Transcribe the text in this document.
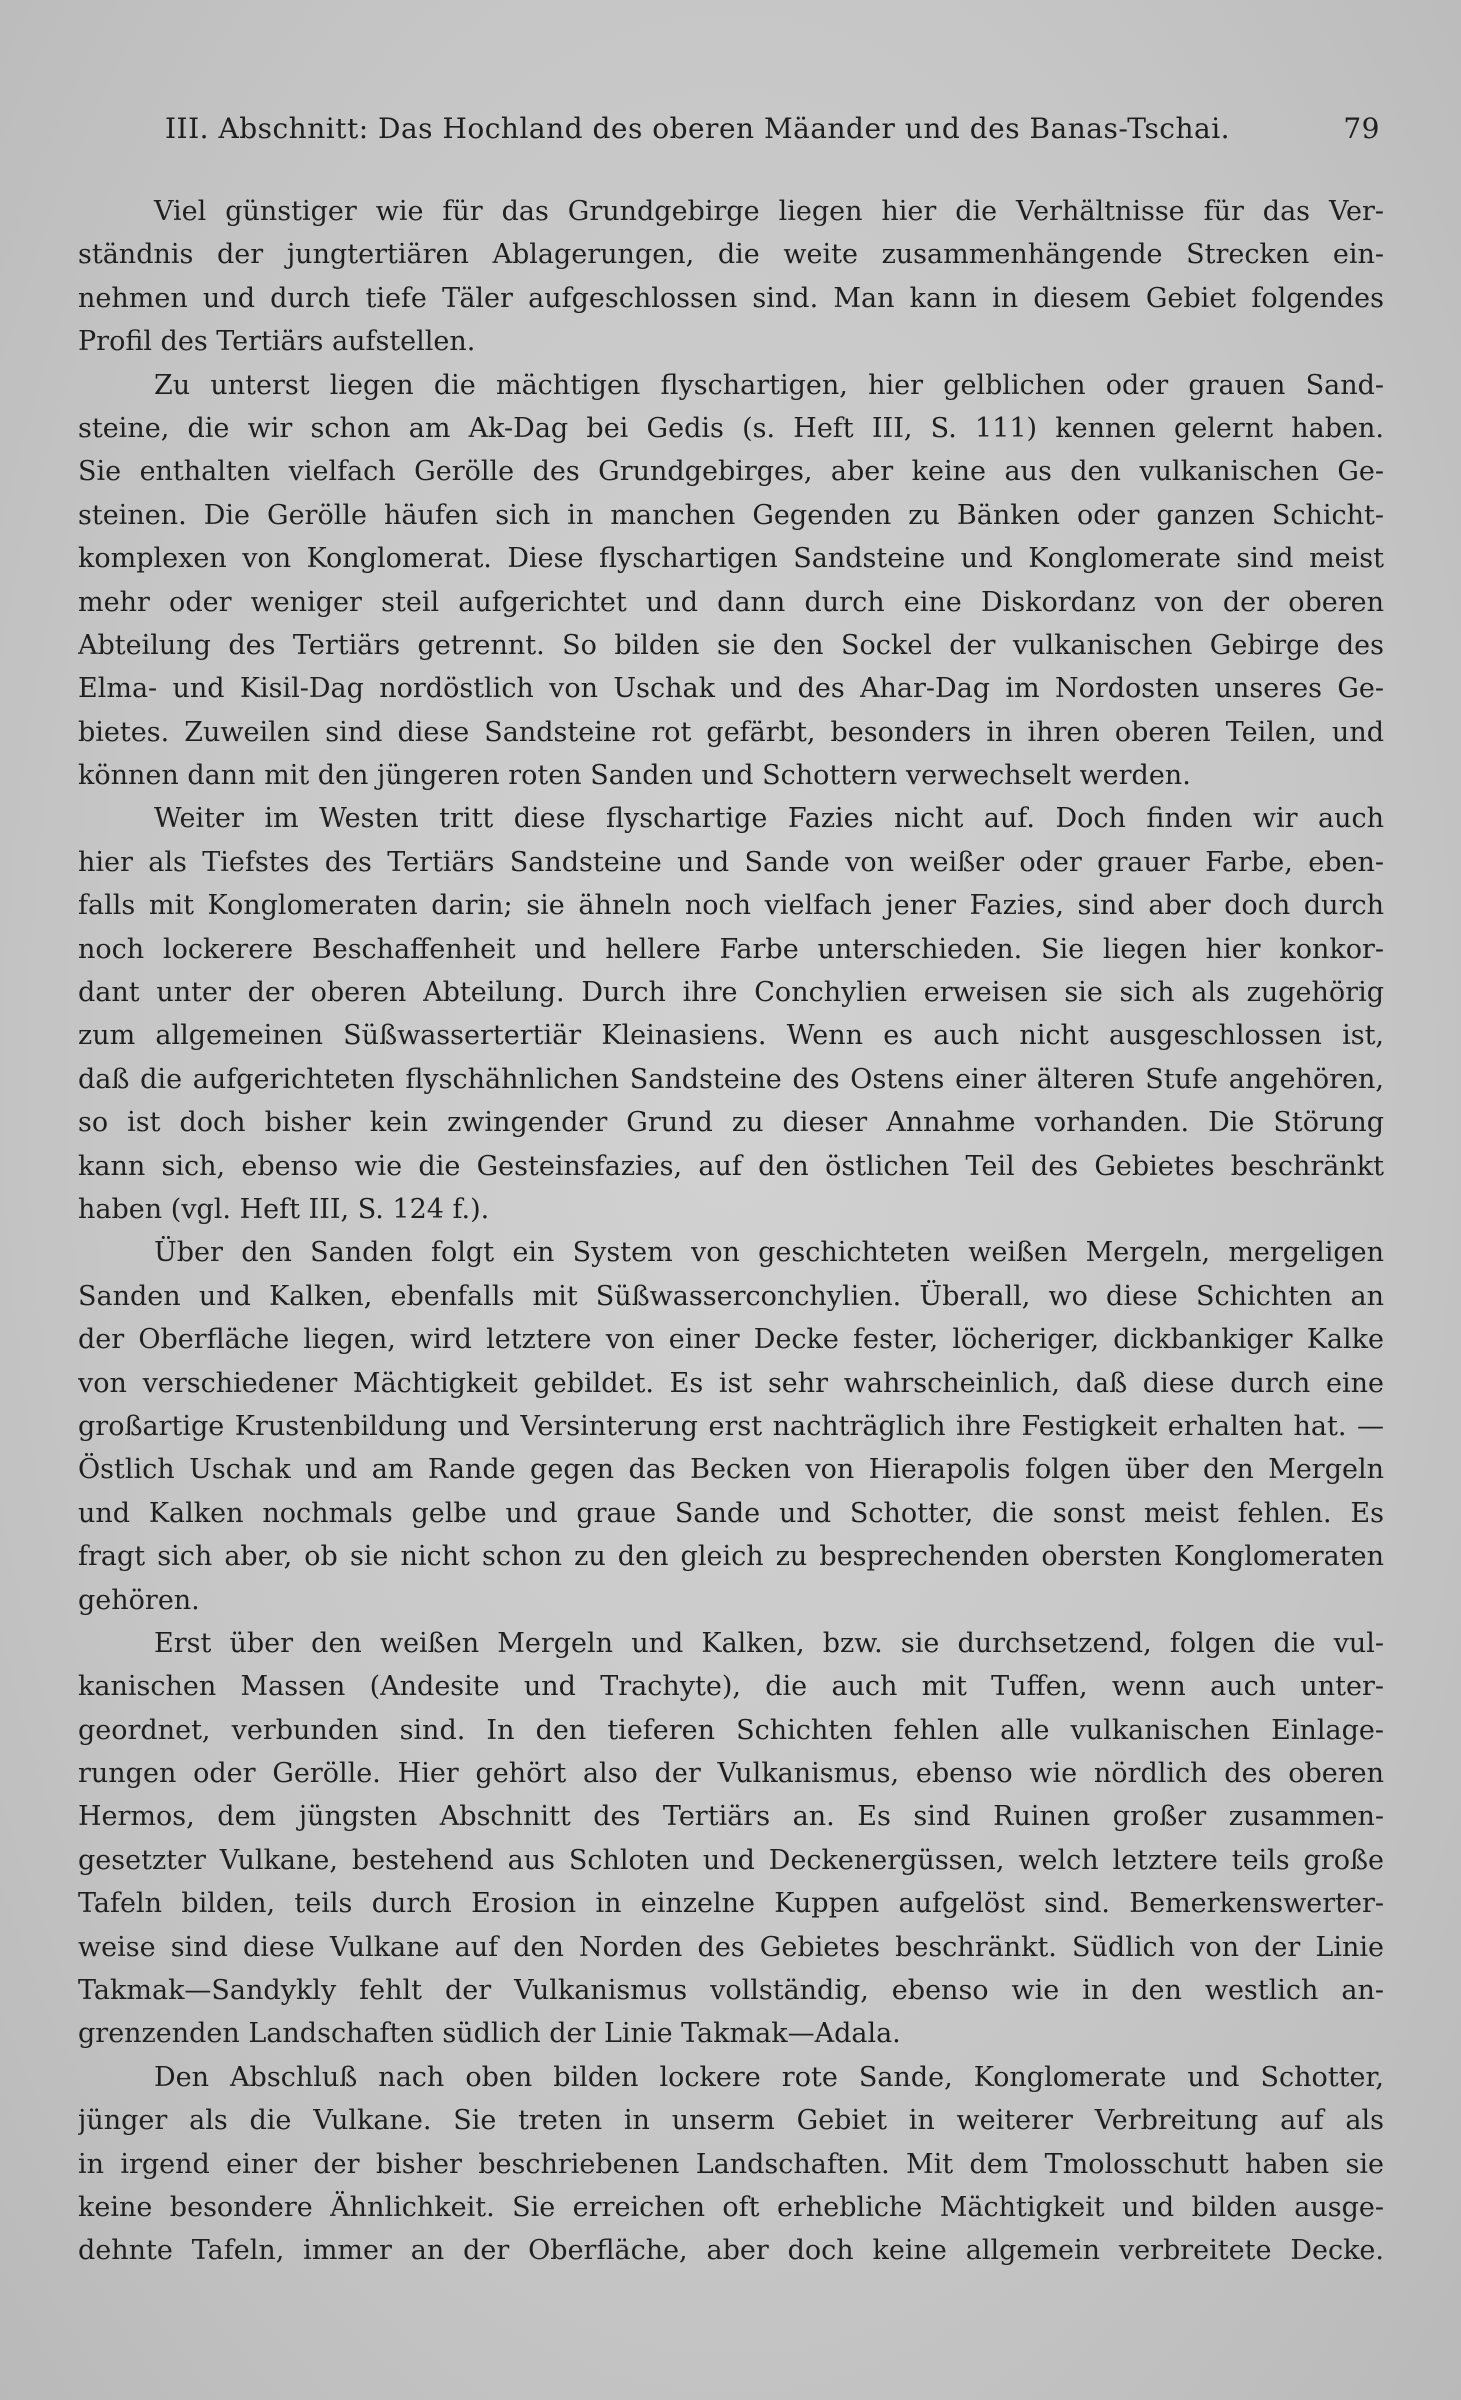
III. Abschnitt: Das Hochland des oberen Mäander und des Banas-Tschai.	79
Viel günstiger wie für das Grundgebirge liegen hier die Verhältnisse für das Ver-
ständnis der jungtertiären Ablagerungen, die weite zusammenhängende Strecken ein-
nehmen und durch tiefe Täler aufgeschlossen sind. Man kann in diesem Gebiet folgendes
Profil des Tertiärs aufstellen.
Zu unterst liegen die mächtigen flyschartigen, hier gelblichen oder grauen Sand-
steine, die wir schon am Ak-Dag bei Gedis (s. Heft III, S. 111) kennen gelernt haben.
Sie enthalten vielfach Gerölle des Grundgebirges, aber keine aus den vulkanischen Ge-
steinen. Die Gerölle häufen sich in manchen Gegenden zu Bänken oder ganzen Schicht-
komplexen von Konglomerat. Diese flyschartigen Sandsteine und Konglomerate sind meist
mehr oder weniger steil aufgerichtet und dann durch eine Diskordanz von der oberen
Abteilung des Tertiärs getrennt. So bilden sie den Sockel der vulkanischen Gebirge des
Elma- und Kisil-Dag nordöstlich von Uschak und des Ahar-Dag im Nordosten unseres Ge-
bietes. Zuweilen sind diese Sandsteine rot gefärbt, besonders in ihren oberen Teilen, und
können dann mit den jüngeren roten Sanden und Schottern verwechselt werden.
Weiter im Westen tritt diese flyschartige Fazies nicht auf. Doch finden wir auch
hier als Tiefstes des Tertiärs Sandsteine und Sande von weißer oder grauer Farbe, eben-
falls mit Konglomeraten darin; sie ähneln noch vielfach jener Fazies, sind aber doch durch
noch lockerere Beschaffenheit und hellere Farbe unterschieden. Sie liegen hier konkor-
dant unter der oberen Abteilung. Durch ihre Conchylien erweisen sie sich als zugehörig
zum allgemeinen Süßwassertertiär Kleinasiens. Wenn es auch nicht ausgeschlossen ist,
daß die aufgerichteten flyschähnlichen Sandsteine des Ostens einer älteren Stufe angehören,
so ist doch bisher kein zwingender Grund zu dieser Annahme vorhanden. Die Störung
kann sich, ebenso wie die Gesteinsfazies, auf den östlichen Teil des Gebietes beschränkt
haben (vgl. Heft III, S. 124 f.).
Über den Sanden folgt ein System von geschichteten weißen Mergeln, mergeligen
Sanden und Kalken, ebenfalls mit Süßwasserconchylien. Überall, wo diese Schichten an
der Oberfläche liegen, wird letztere von einer Decke fester, löcheriger, dickbankiger Kalke
von verschiedener Mächtigkeit gebildet. Es ist sehr wahrscheinlich, daß diese durch eine
großartige Krustenbildung und Versinterung erst nachträglich ihre Festigkeit erhalten hat. —
Östlich Uschak und am Rande gegen das Becken von Hierapolis folgen über den Mergeln
und Kalken nochmals gelbe und graue Sande und Schotter, die sonst meist fehlen. Es
fragt sich aber, ob sie nicht schon zu den gleich zu besprechenden obersten Konglomeraten
gehören.
Erst über den weißen Mergeln und Kalken, bzw. sie durchsetzend, folgen die vul-
kanischen Massen (Andesite und Trachyte), die auch mit Tuffen, wenn auch unter-
geordnet, verbunden sind. In den tieferen Schichten fehlen alle vulkanischen Einlage-
rungen oder Gerölle. Hier gehört also der Vulkanismus, ebenso wie nördlich des oberen
Hermos, dem jüngsten Abschnitt des Tertiärs an. Es sind Ruinen großer zusammen-
gesetzter Vulkane, bestehend aus Schloten und Deckenergüssen, welch letztere teils große
Tafeln bilden, teils durch Erosion in einzelne Kuppen aufgelöst sind. Bemerkenswerter-
weise sind diese Vulkane auf den Norden des Gebietes beschränkt. Südlich von der Linie
Takmak—Sandykly fehlt der Vulkanismus vollständig, ebenso wie in den westlich an-
grenzenden Landschaften südlich der Linie Takmak—Adala.
Den Abschluß nach oben bilden lockere rote Sande, Konglomerate und Schotter,
jünger als die Vulkane. Sie treten in unserm Gebiet in weiterer Verbreitung auf als
in irgend einer der bisher beschriebenen Landschaften. Mit dem Tmolosschutt haben sie
keine besondere Ähnlichkeit. Sie erreichen oft erhebliche Mächtigkeit und bilden ausge-
dehnte Tafeln, immer an der Oberfläche, aber doch keine allgemein verbreitete Decke.
